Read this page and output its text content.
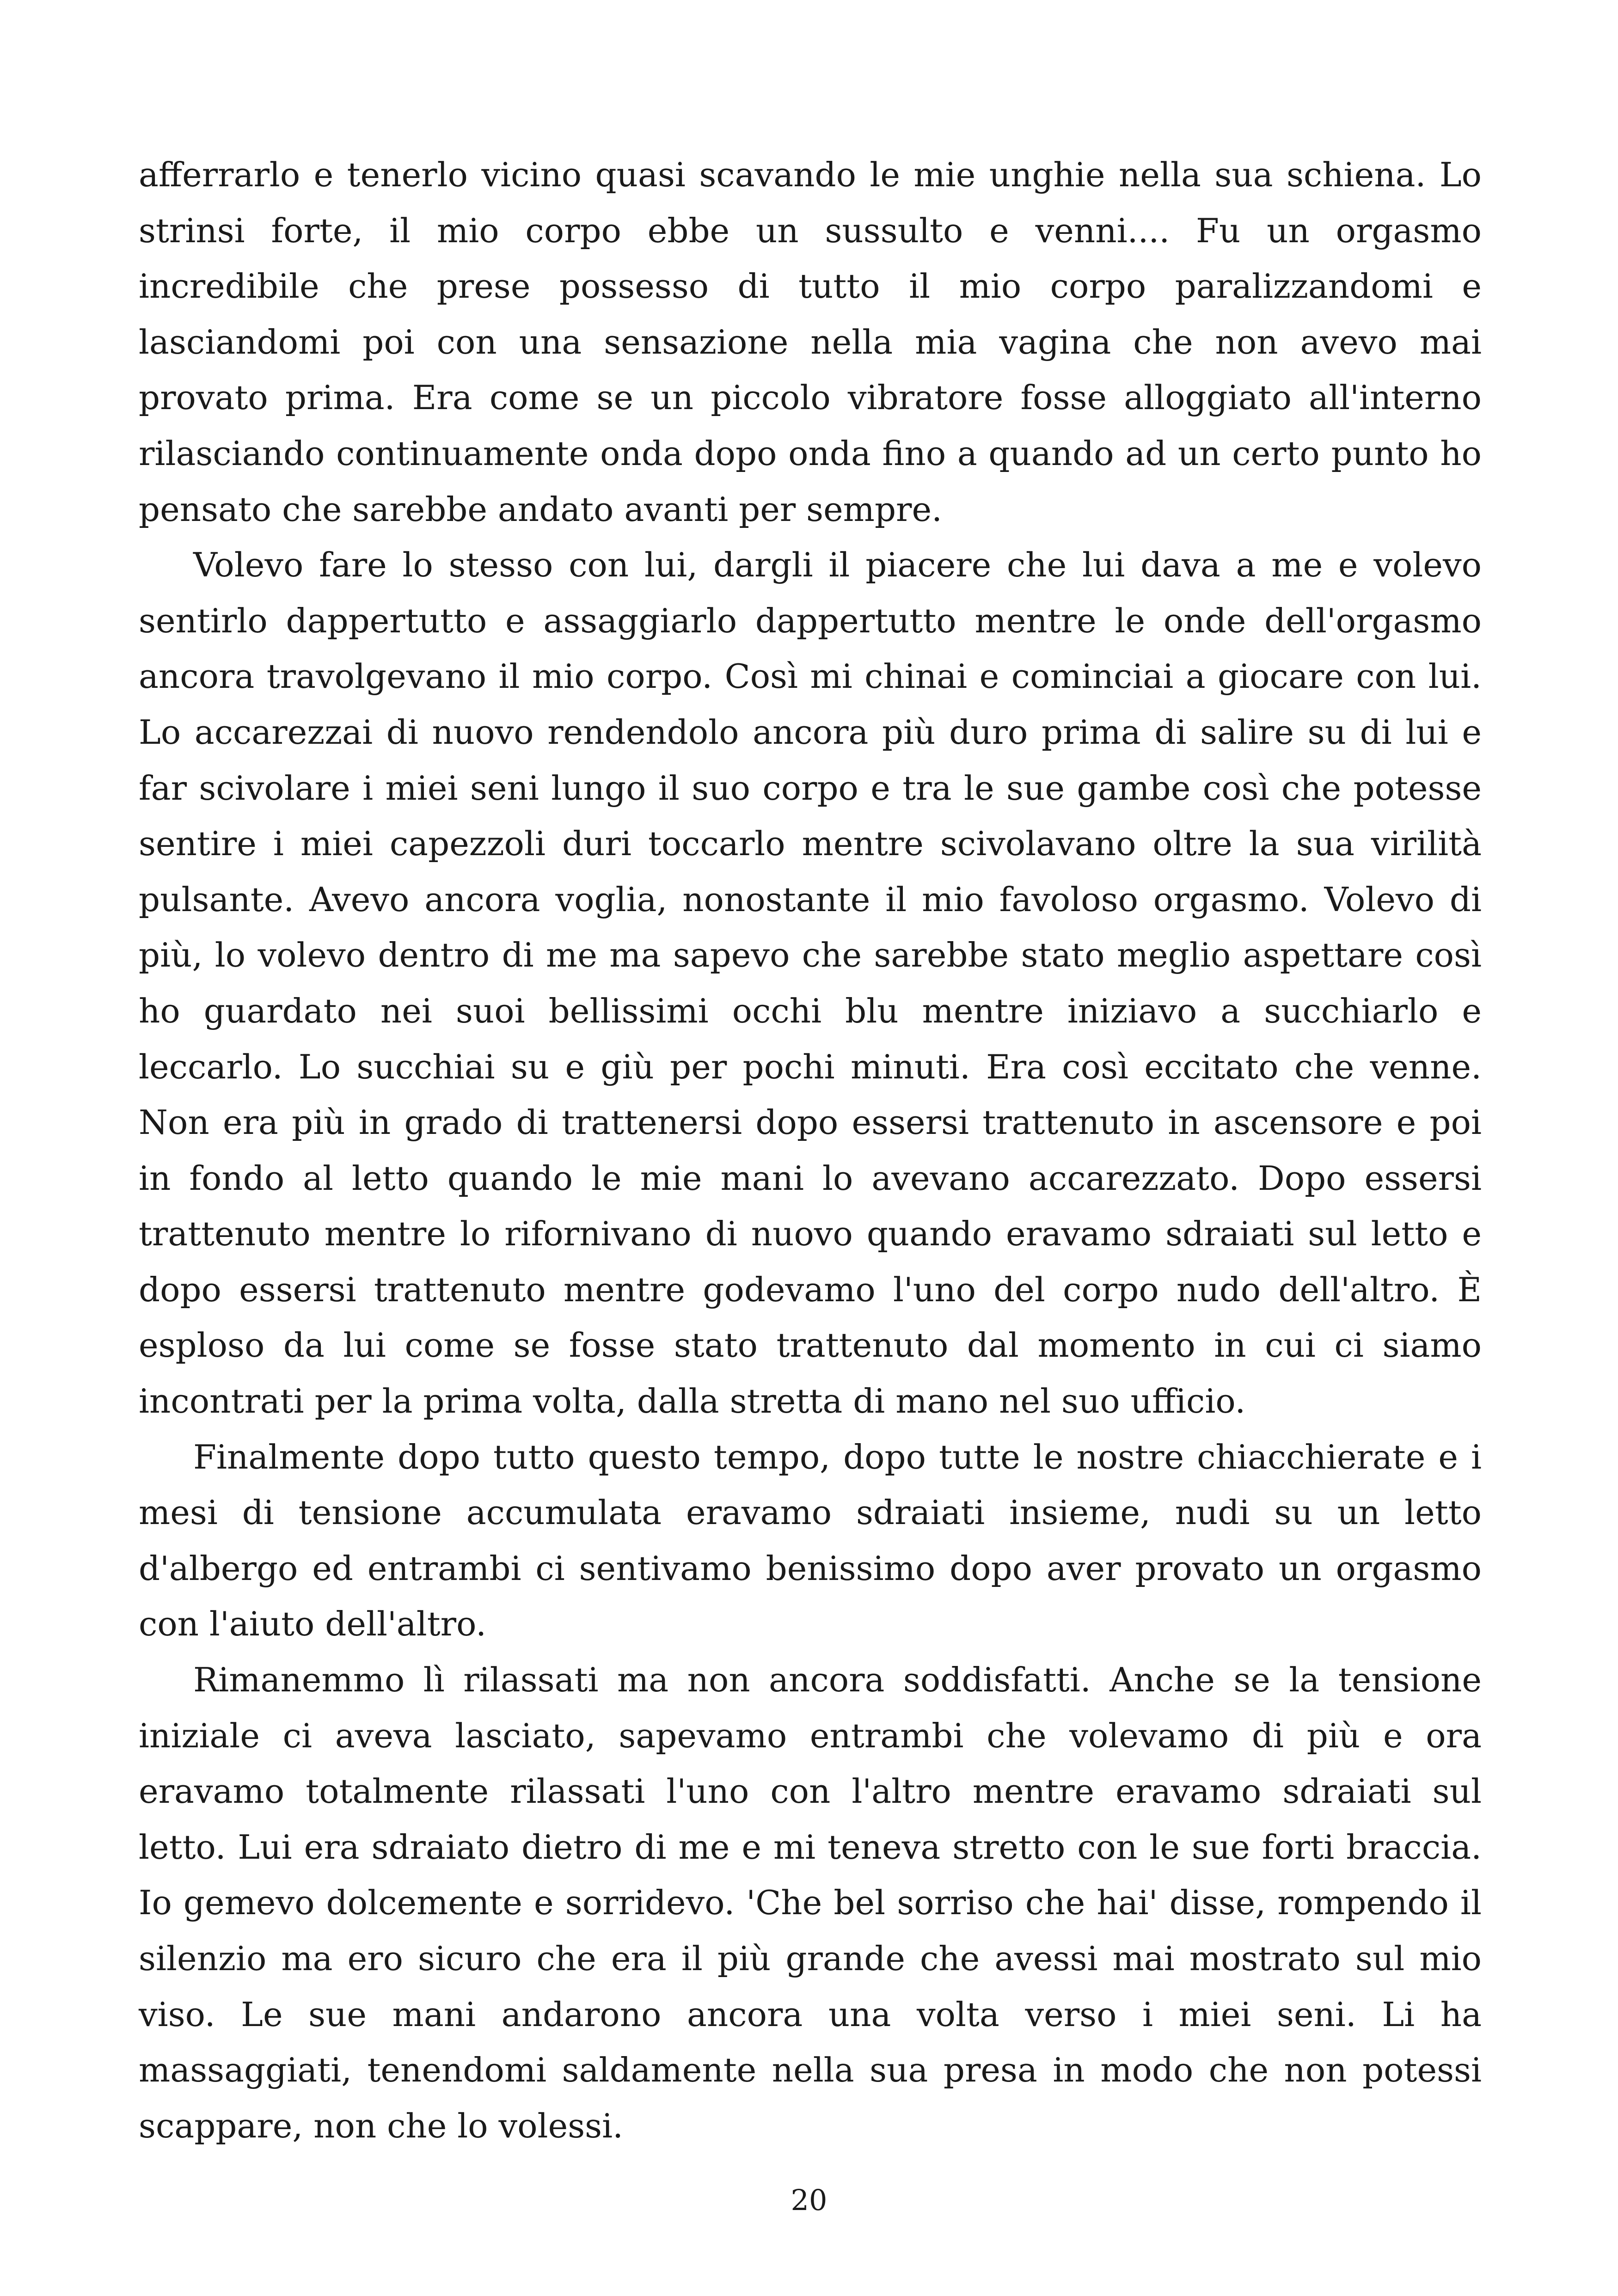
afferrarlo e tenerlo vicino quasi scavando le mie unghie nella sua schiena. Lo strinsi forte, il mio corpo ebbe un sussulto e venni.... Fu un orgasmo incredibile che prese possesso di tutto il mio corpo paralizzandomi e lasciandomi poi con una sensazione nella mia vagina che non avevo mai provato prima. Era come se un piccolo vibratore fosse alloggiato all'interno rilasciando continuamente onda dopo onda fino a quando ad un certo punto ho pensato che sarebbe andato avanti per sempre.

Volevo fare lo stesso con lui, dargli il piacere che lui dava a me e volevo sentirlo dappertutto e assaggiarlo dappertutto mentre le onde dell'orgasmo ancora travolgevano il mio corpo. Così mi chinai e cominciai a giocare con lui. Lo accarezzai di nuovo rendendolo ancora più duro prima di salire su di lui e far scivolare i miei seni lungo il suo corpo e tra le sue gambe così che potesse sentire i miei capezzoli duri toccarlo mentre scivolavano oltre la sua virilità pulsante. Avevo ancora voglia, nonostante il mio favoloso orgasmo. Volevo di più, lo volevo dentro di me ma sapevo che sarebbe stato meglio aspettare così ho guardato nei suoi bellissimi occhi blu mentre iniziavo a succhiarlo e leccarlo. Lo succhiai su e giù per pochi minuti. Era così eccitato che venne. Non era più in grado di trattenersi dopo essersi trattenuto in ascensore e poi in fondo al letto quando le mie mani lo avevano accarezzato. Dopo essersi trattenuto mentre lo rifornivano di nuovo quando eravamo sdraiati sul letto e dopo essersi trattenuto mentre godevamo l'uno del corpo nudo dell'altro. È esploso da lui come se fosse stato trattenuto dal momento in cui ci siamo incontrati per la prima volta, dalla stretta di mano nel suo ufficio.

Finalmente dopo tutto questo tempo, dopo tutte le nostre chiacchierate e i mesi di tensione accumulata eravamo sdraiati insieme, nudi su un letto d'albergo ed entrambi ci sentivamo benissimo dopo aver provato un orgasmo con l'aiuto dell'altro.

Rimanemmo lì rilassati ma non ancora soddisfatti. Anche se la tensione iniziale ci aveva lasciato, sapevamo entrambi che volevamo di più e ora eravamo totalmente rilassati l'uno con l'altro mentre eravamo sdraiati sul letto. Lui era sdraiato dietro di me e mi teneva stretto con le sue forti braccia. Io gemevo dolcemente e sorridevo. 'Che bel sorriso che hai' disse, rompendo il silenzio ma ero sicuro che era il più grande che avessi mai mostrato sul mio viso. Le sue mani andarono ancora una volta verso i miei seni. Li ha massaggiati, tenendomi saldamente nella sua presa in modo che non potessi scappare, non che lo volessi.

20
